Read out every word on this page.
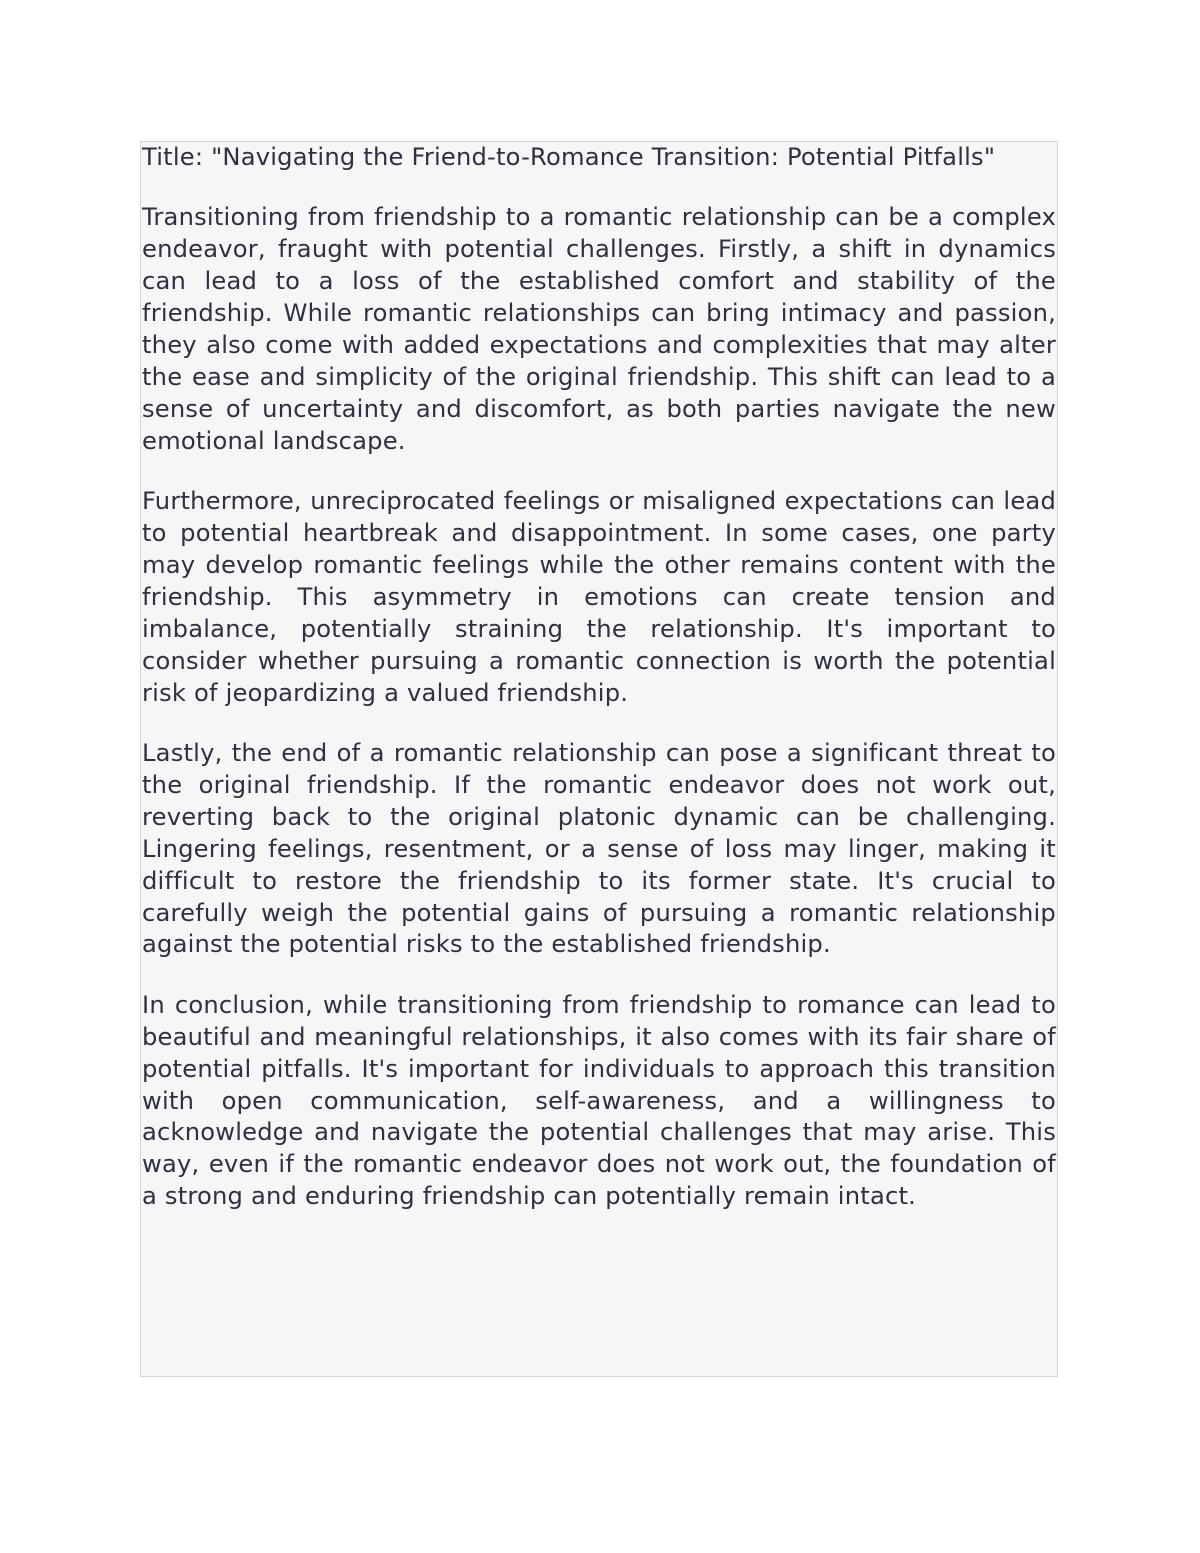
Title: "Navigating the Friend-to-Romance Transition: Potential Pitfalls"

Transitioning from friendship to a romantic relationship can be a complex endeavor, fraught with potential challenges. Firstly, a shift in dynamics can lead to a loss of the established comfort and stability of the friendship. While romantic relationships can bring intimacy and passion, they also come with added expectations and complexities that may alter the ease and simplicity of the original friendship. This shift can lead to a sense of uncertainty and discomfort, as both parties navigate the new emotional landscape.

Furthermore, unreciprocated feelings or misaligned expectations can lead to potential heartbreak and disappointment. In some cases, one party may develop romantic feelings while the other remains content with the friendship. This asymmetry in emotions can create tension and imbalance, potentially straining the relationship. It's important to consider whether pursuing a romantic connection is worth the potential risk of jeopardizing a valued friendship.

Lastly, the end of a romantic relationship can pose a significant threat to the original friendship. If the romantic endeavor does not work out, reverting back to the original platonic dynamic can be challenging. Lingering feelings, resentment, or a sense of loss may linger, making it difficult to restore the friendship to its former state. It's crucial to carefully weigh the potential gains of pursuing a romantic relationship against the potential risks to the established friendship.

In conclusion, while transitioning from friendship to romance can lead to beautiful and meaningful relationships, it also comes with its fair share of potential pitfalls. It's important for individuals to approach this transition with open communication, self-awareness, and a willingness to acknowledge and navigate the potential challenges that may arise. This way, even if the romantic endeavor does not work out, the foundation of a strong and enduring friendship can potentially remain intact.
